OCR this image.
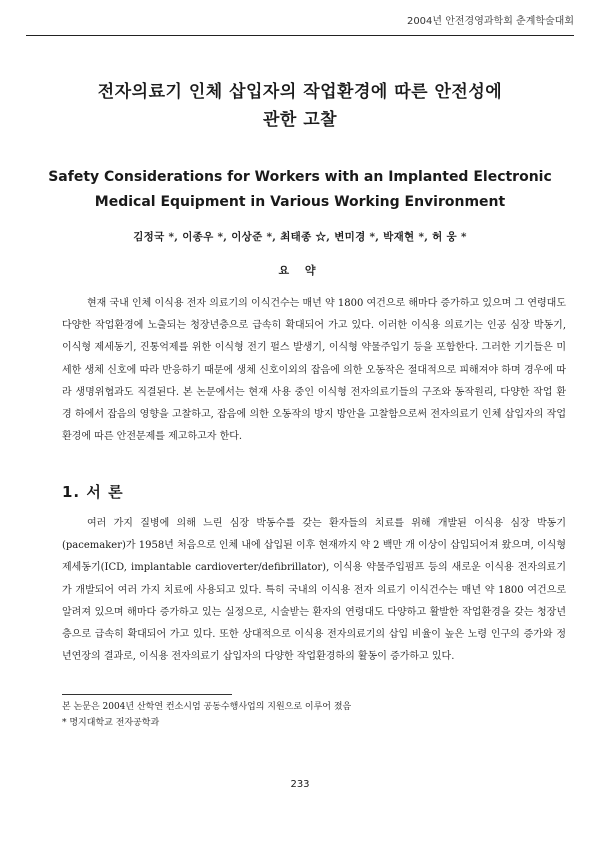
2004년 안전경영과학회 춘계학술대회
전자의료기 인체 삽입자의 작업환경에 따른 안전성에
관한 고찰
Safety Considerations for Workers with an Implanted Electronic
Medical Equipment in Various Working Environment
김정국 *, 이종우 *, 이상준 *, 최태종 ☆, 변미경 *, 박재현 *, 허 웅 *
요 약
현재 국내 인체 이식용 전자 의료기의 이식건수는 매년 약 1800 여건으로 해마다 증가하고 있으며 그 연령대도 다양한 작업환경에 노출되는 청장년층으로 급속히 확대되어 가고 있다. 이러한 이식용 의료기는 인공 심장 박동기, 이식형 제세동기, 진통억제를 위한 이식형 전기 펄스 발생기, 이식형 약물주입기 등을 포함한다. 그러한 기기들은 미세한 생체 신호에 따라 반응하기 때문에 생체 신호이외의 잡음에 의한 오동작은 절대적으로 피해져야 하며 경우에 따라 생명위협과도 직결된다. 본 논문에서는 현재 사용 중인 이식형 전자의료기들의 구조와 동작원리, 다양한 작업 환경 하에서 잡음의 영향을 고찰하고, 잡음에 의한 오동작의 방지 방안을 고찰함으로써 전자의료기 인체 삽입자의 작업환경에 따른 안전문제를 제고하고자 한다.
1. 서 론
여러 가지 질병에 의해 느린 심장 박동수를 갖는 환자들의 치료를 위해 개발된 이식용 심장 박동기(pacemaker)가 1958년 처음으로 인체 내에 삽입된 이후 현재까지 약 2 백만 개 이상이 삽입되어져 왔으며, 이식형 제세동기(ICD, implantable cardioverter/defibrillator), 이식용 약물주입펌프 등의 새로운 이식용 전자의료기가 개발되어 여러 가지 치료에 사용되고 있다. 특히 국내의 이식용 전자 의료기 이식건수는 매년 약 1800 여건으로 알려져 있으며 해마다 증가하고 있는 실정으로, 시술받는 환자의 연령대도 다양하고 활발한 작업환경을 갖는 청장년층으로 급속히 확대되어 가고 있다. 또한 상대적으로 이식용 전자의료기의 삽입 비율이 높은 노령 인구의 증가와 정년연장의 결과로, 이식용 전자의료기 삽입자의 다양한 작업환경하의 활동이 증가하고 있다.
본 논문은 2004년 산학연 컨소시엄 공동수행사업의 지원으로 이루어 졌음
* 명지대학교 전자공학과
233
